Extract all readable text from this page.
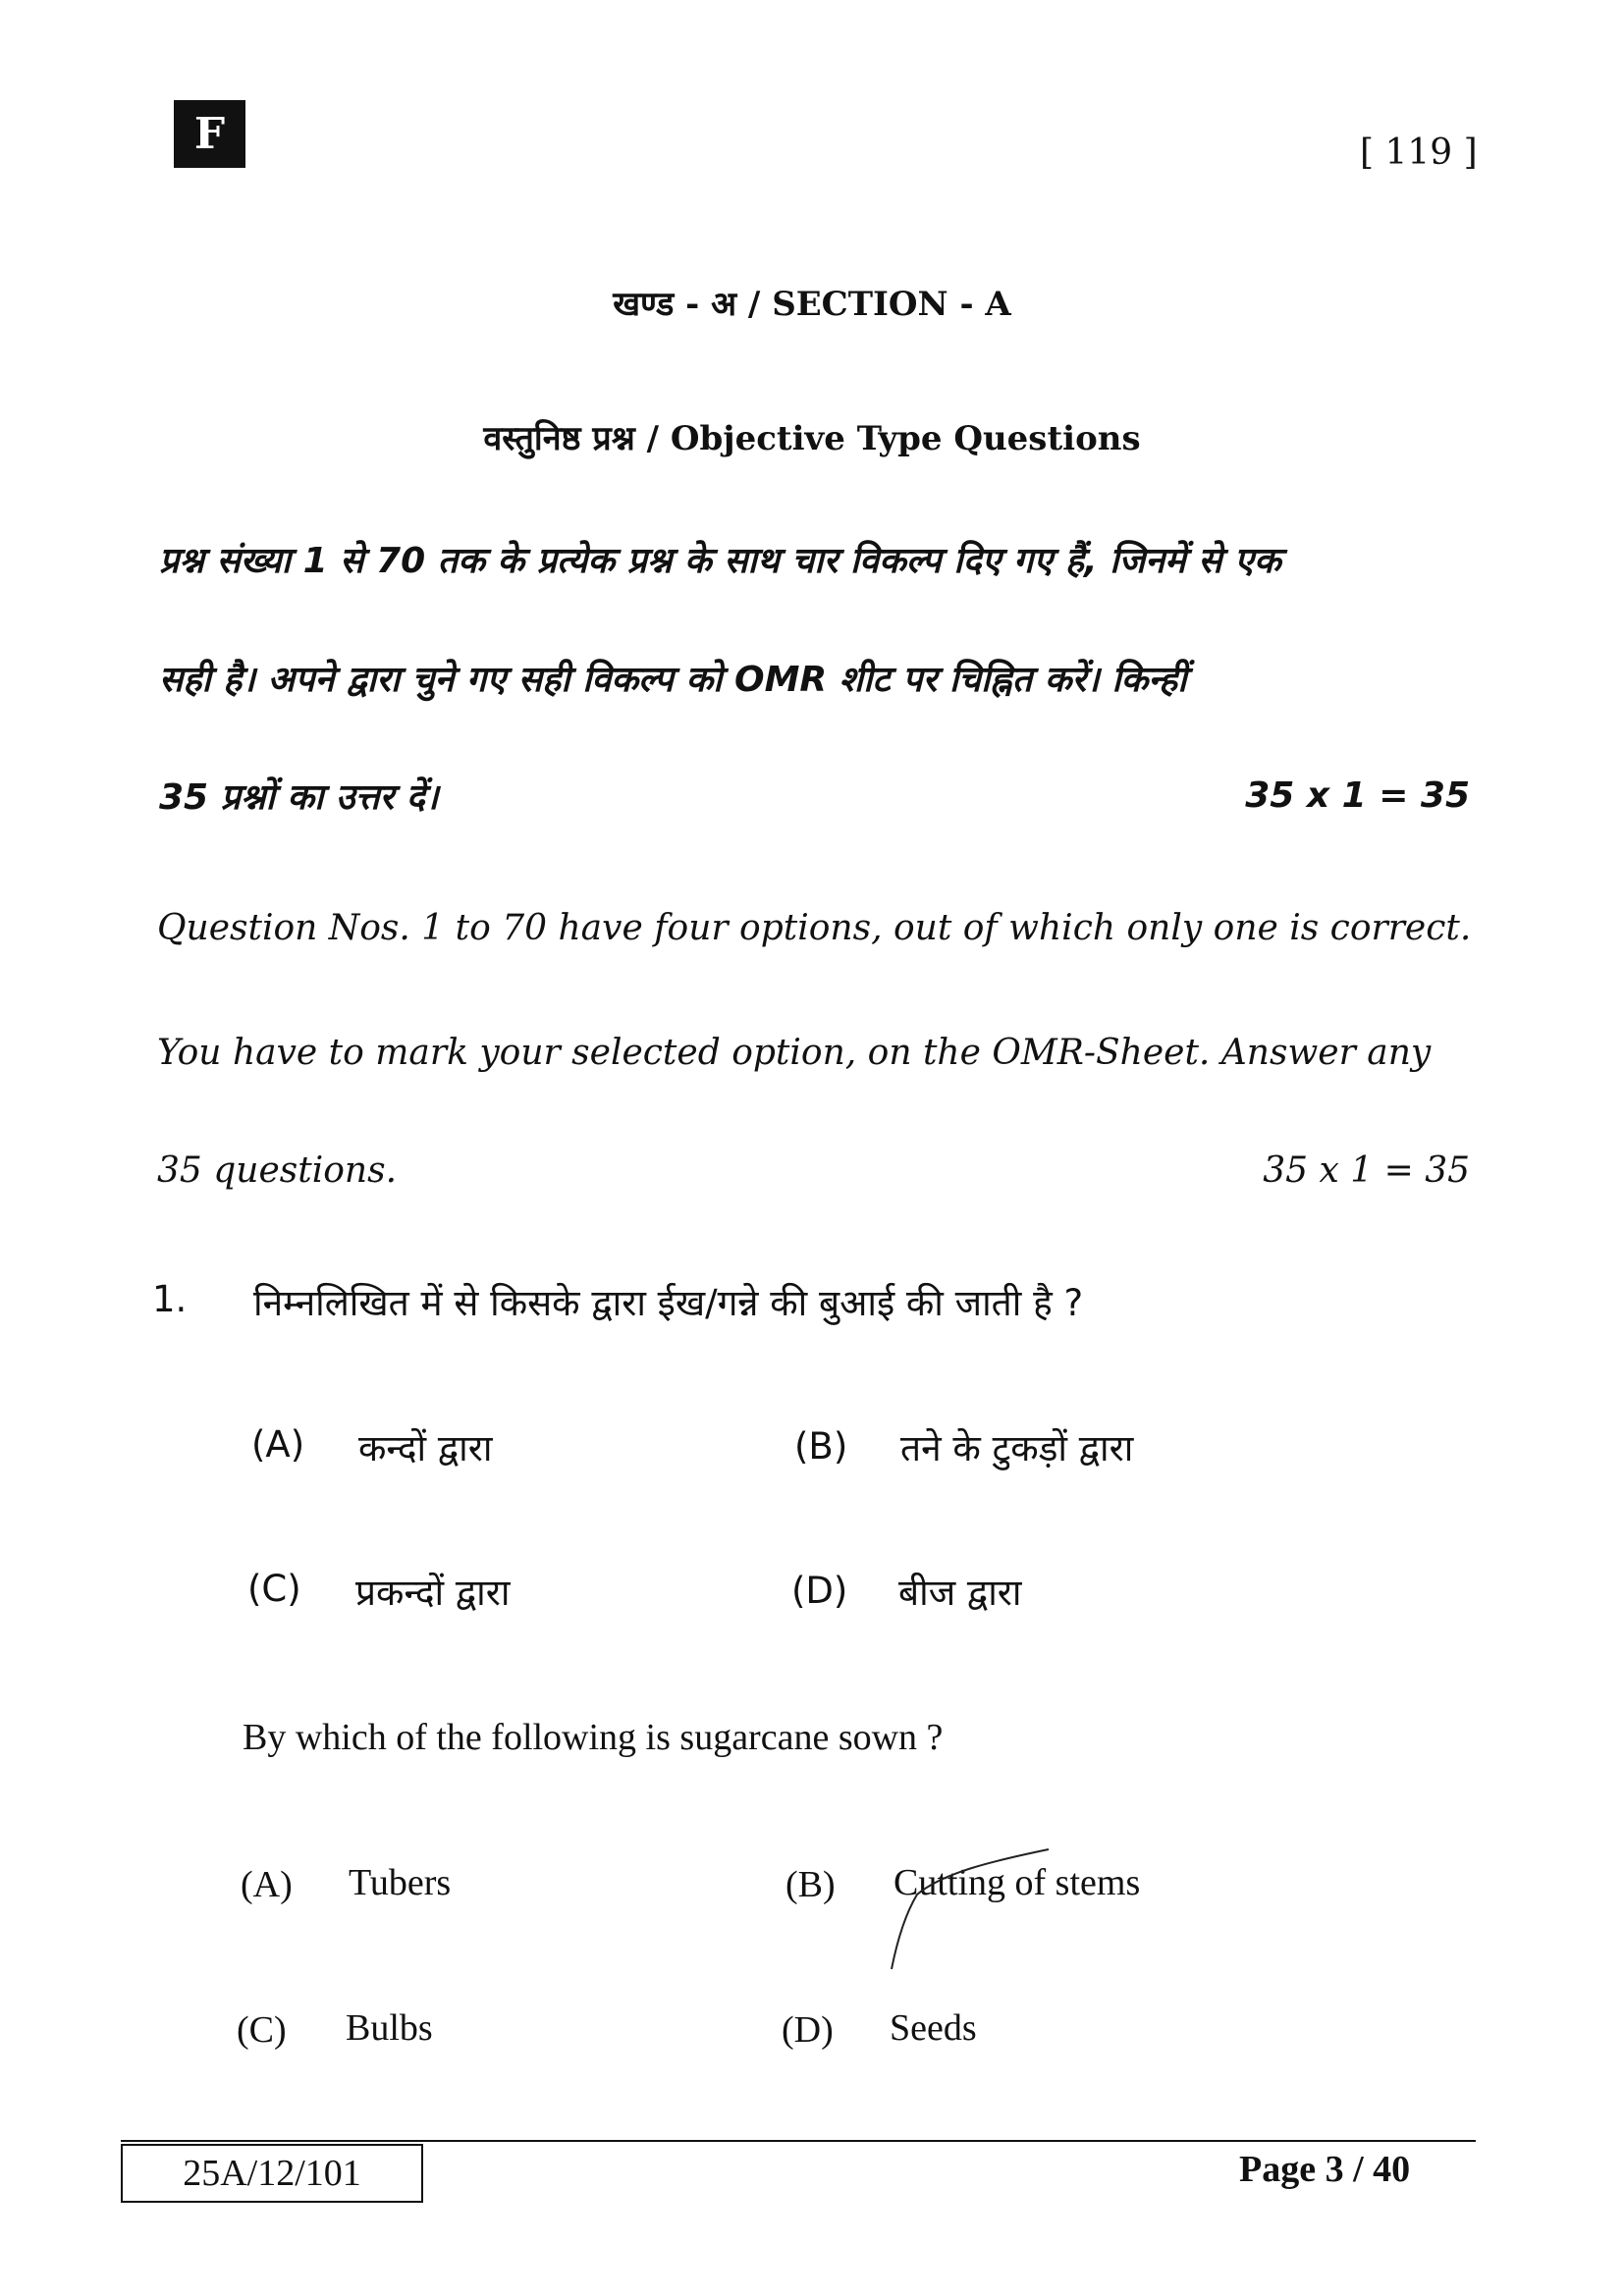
F	[ 119 ]
खण्ड - अ / SECTION - A
वस्तुनिष्ठ प्रश्न / Objective Type Questions
प्रश्न संख्या 1 से 70 तक के प्रत्येक प्रश्न के साथ चार विकल्प दिए गए हैं, जिनमें से एक
सही है। अपने द्वारा चुने गए सही विकल्प को OMR शीट पर चिह्नित करें। किन्हीं
35 प्रश्नों का उत्तर दें।	35 x 1 = 35
Question Nos. 1 to 70 have four options, out of which only one is correct.
You have to mark your selected option, on the OMR-Sheet. Answer any
35 questions.	35 x 1 = 35
1. निम्नलिखित में से किसके द्वारा ईख/गन्ने की बुआई की जाती है ?
(A) कन्दों द्वारा	(B) तने के टुकड़ों द्वारा
(C) प्रकन्दों द्वारा	(D) बीज द्वारा
By which of the following is sugarcane sown ?
(A) Tubers	(B) Cutting of stems
(C) Bulbs	(D) Seeds
25A/12/101	Page 3 / 40
